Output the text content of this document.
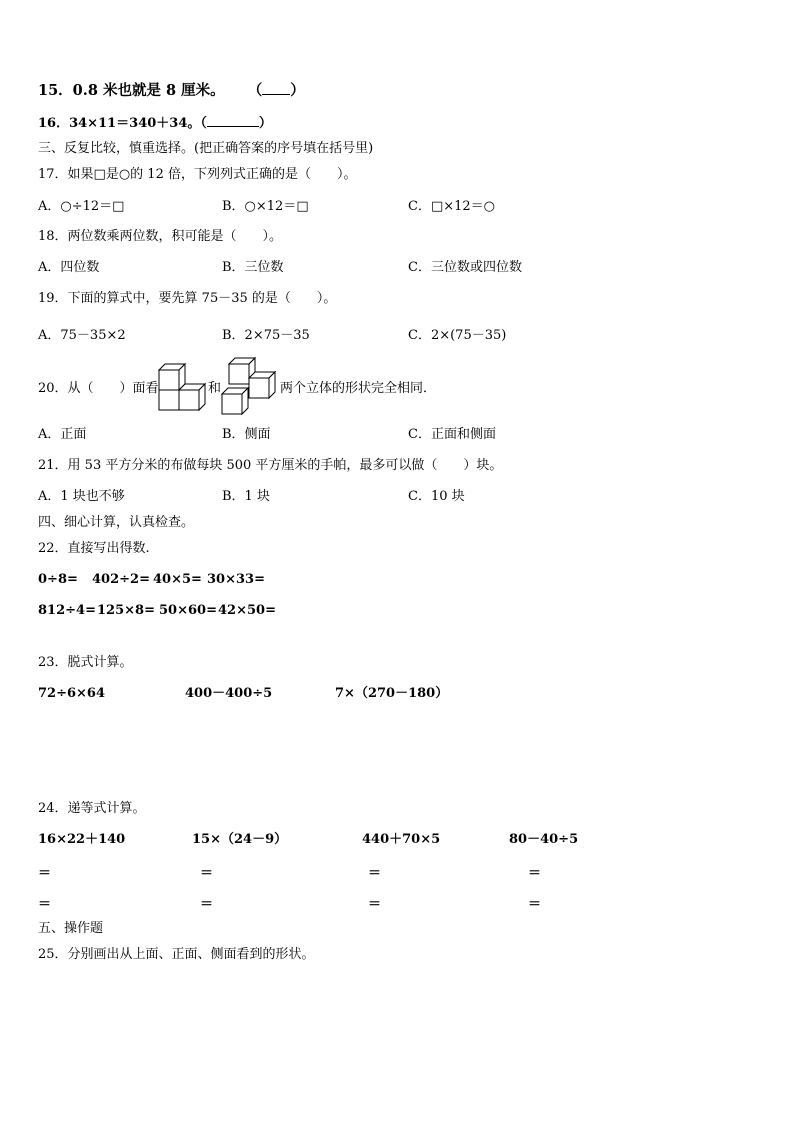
15．0.8 米也就是 8 厘米。 （ ）
16．34×11＝340＋34。（	）
三、反复比较，慎重选择。(把正确答案的序号填在括号里)
17．如果□是○的 12 倍，下列列式正确的是（　　）。
A．○÷12＝□	B．○×12＝□	C．□×12＝○
18．两位数乘两位数，积可能是（　　）。
A．四位数	B．三位数	C．三位数或四位数
19．下面的算式中，要先算 75－35 的是（　　）。
A．75－35×2	B．2×75－35	C．2×(75－35)
20．从（　　）面看	和	两个立体的形状完全相同．
A．正面	B．侧面	C．正面和侧面
21．用 53 平方分米的布做每块 500 平方厘米的手帕，最多可以做（　　）块。
A．1 块也不够	B．1 块	C．10 块
四、细心计算，认真检查。
22．直接写出得数.
0÷8= 402÷2= 40×5= 30×33=
812÷4= 125×8= 50×60= 42×50=
23．脱式计算。
72÷6×64	400－400÷5	7×（270－180）
24．递等式计算。
16×22＋140	15×（24－9）	440＋70×5	80－40÷5
＝	＝	＝	＝
＝	＝	＝	＝
五、操作题
25．分别画出从上面、正面、侧面看到的形状。
